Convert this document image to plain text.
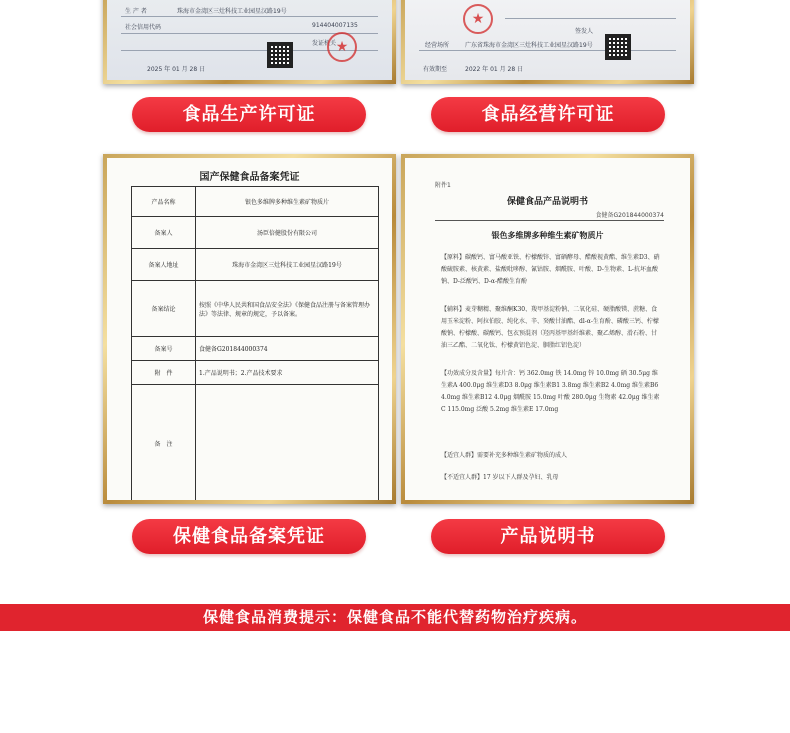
生 产 者	珠海市金湾区三灶科技工业园星汉路19号
社会信用代码	914404007135
发证机关 ★
2025 年 01 月 28 日
★
经营场所	广东省珠海市金湾区三灶科技工业园星汉路19号
签发人
有效期至	2022 年 01 月 28 日
食品生产许可证	食品经营许可证
国产保健食品备案凭证
产品名称	银色多维牌多种维生素矿物质片
备案人	汤臣倍健股份有限公司
备案人地址	珠海市金湾区三灶科技工业园星汉路19号
备案结论	按照《中华人民共和国食品安全法》《保健食品注册与备案管理办法》等法律、规章的规定，予以备案。
备案号	食健备G201844000374
附　件	1.产品说明书；2.产品技术要求
备　注	
附件1
保健食品产品说明书
食健备G201844000374
银色多维牌多种维生素矿物质片
【原料】碳酸钙、富马酸亚铁、柠檬酸锌、富硒酵母、醋酸视黄酯、维生素D3、硝酸硫胺素、核黄素、盐酸吡哆醇、氰钴胺、烟酰胺、叶酸、D-生物素、L-抗坏血酸钠、D-泛酸钙、D-α-醋酸生育酚
【辅料】麦芽糊精、聚维酮K30、羧甲基淀粉钠、二氧化硅、硬脂酸镁、蔗糖、食用玉米淀粉、阿拉伯胶、纯化水、辛、癸酸甘油酯、dl-α-生育酚、磷酸三钙、柠檬酸钠、柠檬酸、碳酸钙、包衣预混剂（羟丙基甲基纤维素、聚乙烯醇、滑石粉、甘油三乙酯、二氧化钛、柠檬黄铝色淀、胭脂红铝色淀）
【功效成分及含量】每片含：钙 362.0mg 铁 14.0mg 锌 10.0mg 硒 30.5μg 维生素A 400.0μg 维生素D3 8.0μg 维生素B1 3.8mg 维生素B2 4.0mg 维生素B6 4.0mg 维生素B12 4.0μg 烟酰胺 15.0mg 叶酸 280.0μg 生物素 42.0μg 维生素C 115.0mg 泛酸 5.2mg 维生素E 17.0mg
【适宜人群】需要补充多种维生素矿物质的成人
【不适宜人群】17 岁以下人群及孕妇、乳母
保健食品备案凭证	产品说明书
保健食品消费提示：保健食品不能代替药物治疗疾病。
